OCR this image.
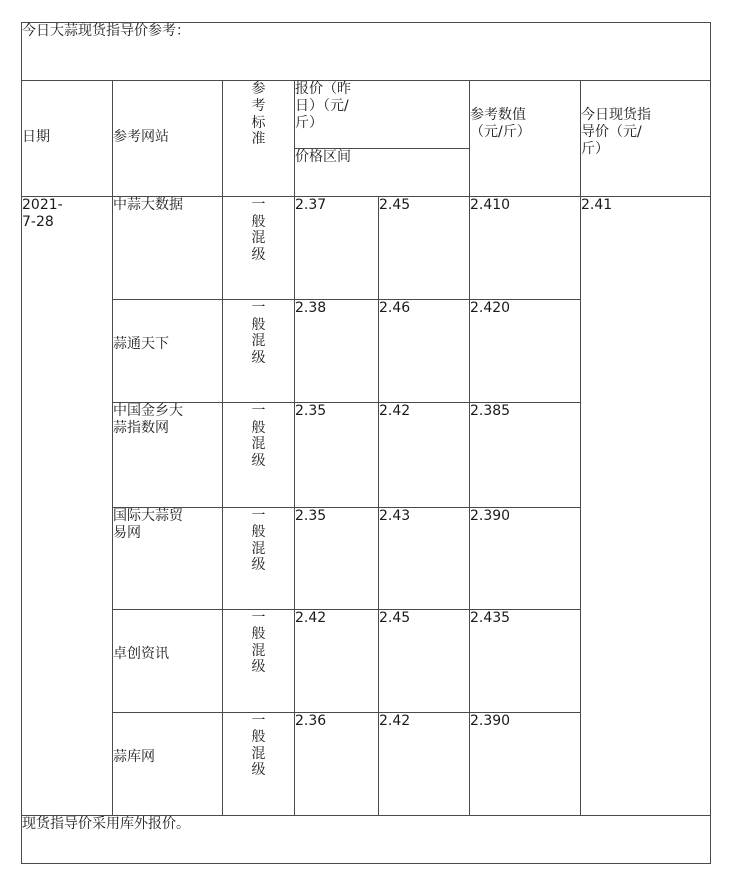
今日大蒜现货指导价参考：						
日期	参考网站	参考标准	报价（昨日）（元/斤）		参考数值（元/斤）	今日现货指导价（元/斤）

			价格区间			

2021-7-28	中蒜大数据	一般混级	2.37	2.45	2.410	2.41

	蒜通天下	一般混级	2.38	2.46	2.420	

	中国金乡大蒜指数网	一般混级	2.35	2.42	2.385	

	国际大蒜贸易网	一般混级	2.35	2.43	2.390	

	卓创资讯	一般混级	2.42	2.45	2.435	

	蒜库网	一般混级	2.36	2.42	2.390	
现货指导价采用库外报价。						
